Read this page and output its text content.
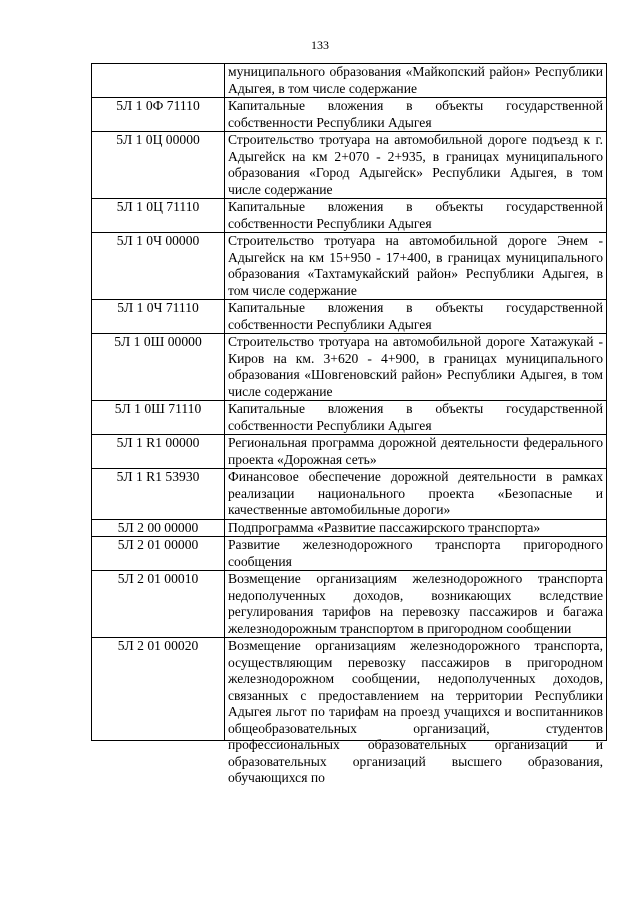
133
	муниципального образования «Майкопский район» Республики Адыгея, в том числе содержание
5Л 1 0Ф 71110	Капитальные вложения в объекты государственной собственности Республики Адыгея
5Л 1 0Ц 00000	Строительство тротуара на автомобильной дороге подъезд к г. Адыгейск на км 2+070 - 2+935, в границах муниципального образования «Город Адыгейск» Республики Адыгея, в том числе содержание
5Л 1 0Ц 71110	Капитальные вложения в объекты государственной собственности Республики Адыгея
5Л 1 0Ч 00000	Строительство тротуара на автомобильной дороге Энем - Адыгейск на км 15+950 - 17+400, в границах муниципального образования «Тахтамукайский район» Республики Адыгея, в том числе содержание
5Л 1 0Ч 71110	Капитальные вложения в объекты государственной собственности Республики Адыгея
5Л 1 0Ш 00000	Строительство тротуара на автомобильной дороге Хатажукай - Киров на км. 3+620 - 4+900, в границах муниципального образования «Шовгеновский район» Республики Адыгея, в том числе содержание
5Л 1 0Ш 71110	Капитальные вложения в объекты государственной собственности Республики Адыгея
5Л 1 R1 00000	Региональная программа дорожной деятельности федерального проекта «Дорожная сеть»
5Л 1 R1 53930	Финансовое обеспечение дорожной деятельности в рамках реализации национального проекта «Безопасные и качественные автомобильные дороги»
5Л 2 00 00000	Подпрограмма «Развитие пассажирского транспорта»
5Л 2 01 00000	Развитие железнодорожного транспорта пригородного сообщения
5Л 2 01 00010	Возмещение организациям железнодорожного транспорта недополученных доходов, возникающих вследствие регулирования тарифов на перевозку пассажиров и багажа железнодорожным транспортом в пригородном сообщении
5Л 2 01 00020	Возмещение организациям железнодорожного транспорта, осуществляющим перевозку пассажиров в пригородном железнодорожном сообщении, недополученных доходов, связанных с предоставлением на территории Республики Адыгея льгот по тарифам на проезд учащихся и воспитанников общеобразовательных организаций, студентов профессиональных образовательных организаций и образовательных организаций высшего образования, обучающихся по
